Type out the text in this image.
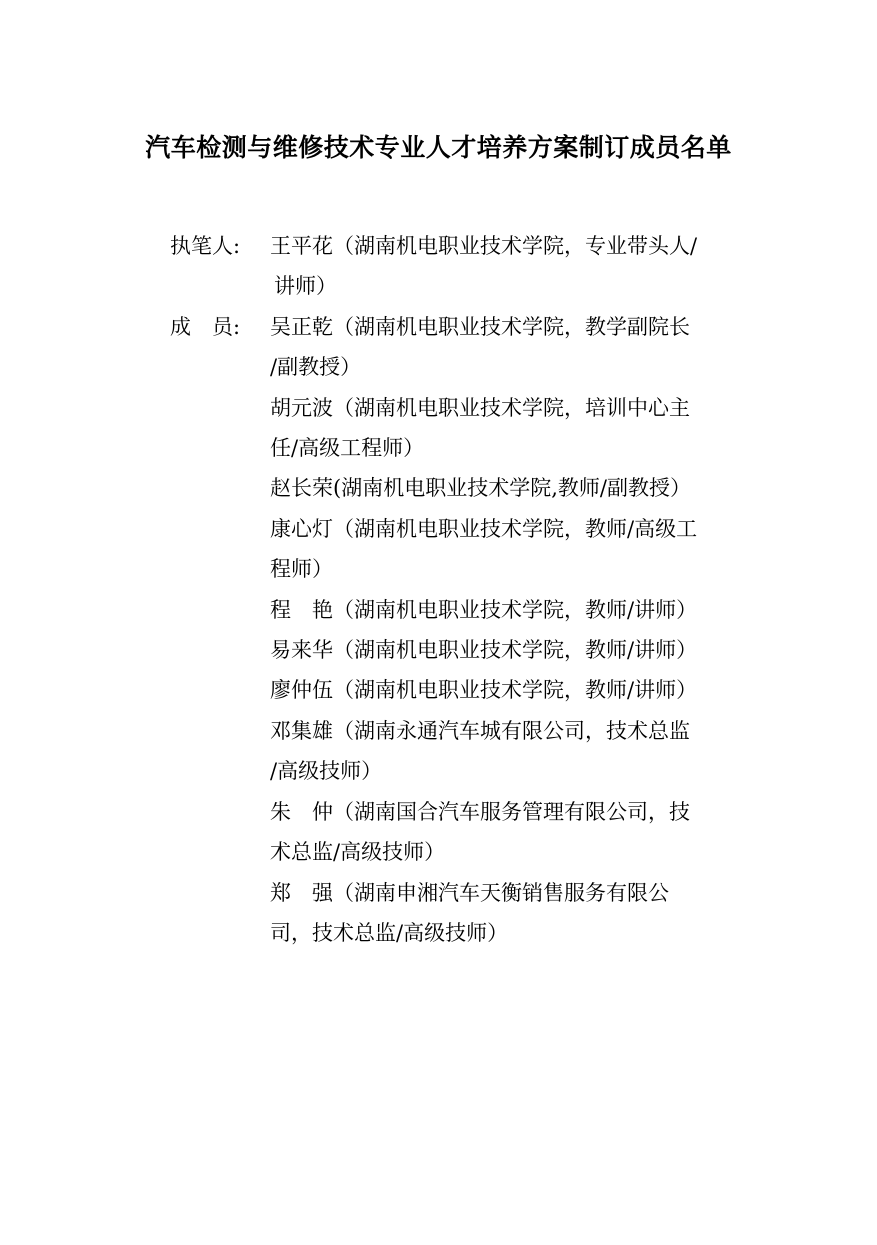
汽车检测与维修技术专业人才培养方案制订成员名单
执笔人:	王平花（湖南机电职业技术学院，专业带头人/
讲师）
成　员:	吴正乾（湖南机电职业技术学院，教学副院长
/副教授）
胡元波（湖南机电职业技术学院，培训中心主
任/高级工程师）
赵长荣(湖南机电职业技术学院,教师/副教授）
康心灯（湖南机电职业技术学院，教师/高级工
程师）
程　艳（湖南机电职业技术学院，教师/讲师）
易来华（湖南机电职业技术学院，教师/讲师）
廖仲伍（湖南机电职业技术学院，教师/讲师）
邓集雄（湖南永通汽车城有限公司，技术总监
/高级技师）
朱　仲（湖南国合汽车服务管理有限公司，技
术总监/高级技师）
郑　强（湖南申湘汽车天衡销售服务有限公
司，技术总监/高级技师）
